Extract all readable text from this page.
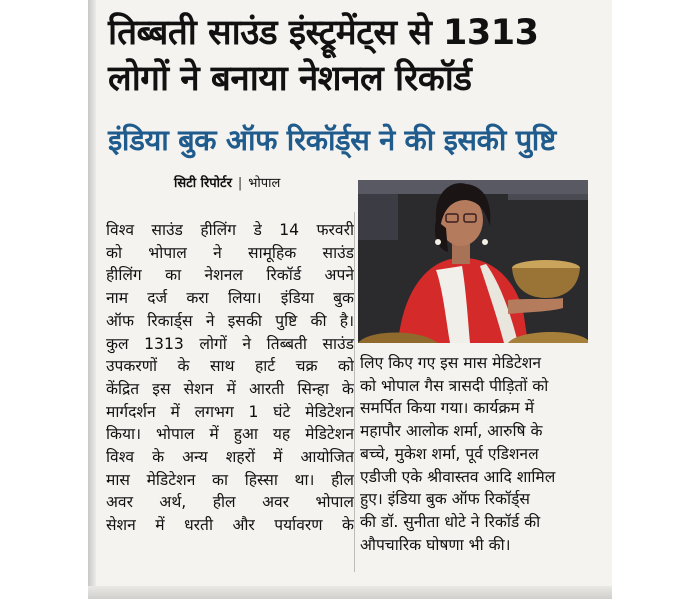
तिब्बती साउंड इंस्ट्रूमेंट्स से 1313
लोगों ने बनाया नेशनल रिकॉर्ड
इंडिया बुक ऑफ रिकॉर्ड्स ने की इसकी पुष्टि
सिटी रिपोर्टर | भोपाल
विश्व साउंड हीलिंग डे 14 फरवरी
को भोपाल ने सामूहिक साउंड
हीलिंग का नेशनल रिकॉर्ड अपने
नाम दर्ज करा लिया। इंडिया बुक
ऑफ रिकार्ड्स ने इसकी पुष्टि की है।
कुल 1313 लोगों ने तिब्बती साउंड
उपकरणों के साथ हार्ट चक्र को
केंद्रित इस सेशन में आरती सिन्हा के
मार्गदर्शन में लगभग 1 घंटे मेडिटेशन
किया। भोपाल में हुआ यह मेडिटेशन
विश्व के अन्य शहरों में आयोजित
मास मेडिटेशन का हिस्सा था। हील
अवर अर्थ, हील अवर भोपाल
सेशन में धरती और पर्यावरण के
लिए किए गए इस मास मेडिटेशन
को भोपाल गैस त्रासदी पीड़ितों को
समर्पित किया गया। कार्यक्रम में
महापौर आलोक शर्मा, आरुषि के
बच्चे, मुकेश शर्मा, पूर्व एडिशनल
एडीजी एके श्रीवास्तव आदि शामिल
हुए। इंडिया बुक ऑफ रिकॉर्ड्स
की डॉ. सुनीता धोटे ने रिकॉर्ड की
औपचारिक घोषणा भी की।
